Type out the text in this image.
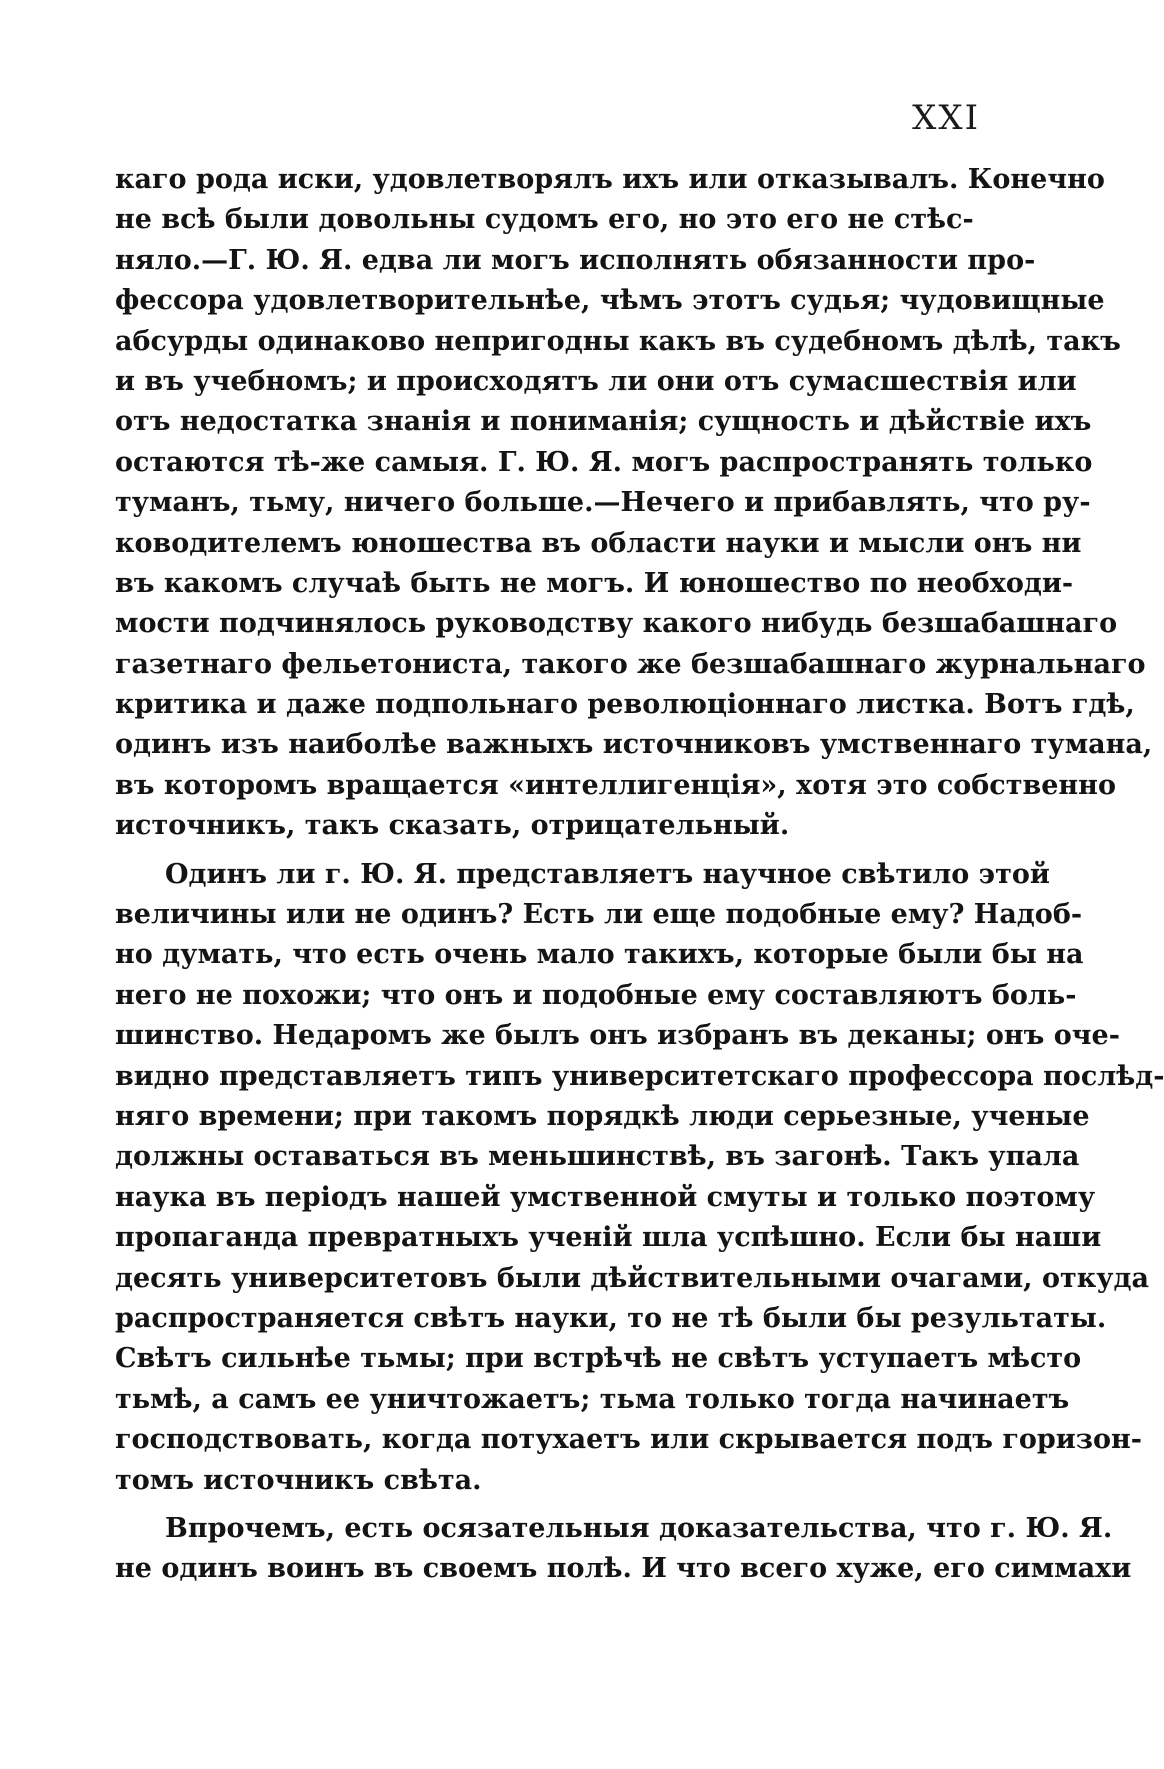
XXI
каго рода иски, удовлетворялъ ихъ или отказывалъ. Конечно
не всѣ были довольны судомъ его, но это его не стѣс-
няло.—Г. Ю. Я. едва ли могъ исполнять обязанности про-
фессора удовлетворительнѣе, чѣмъ этотъ судья; чудовищные
абсурды одинаково непригодны какъ въ судебномъ дѣлѣ, такъ
и въ учебномъ; и происходятъ ли они отъ сумасшествія или
отъ недостатка знанія и пониманія; сущность и дѣйствіе ихъ
остаются тѣ-же самыя. Г. Ю. Я. могъ распространять только
туманъ, тьму, ничего больше.—Нечего и прибавлять, что ру-
ководителемъ юношества въ области науки и мысли онъ ни
въ какомъ случаѣ быть не могъ. И юношество по необходи-
мости подчинялось руководству какого нибудь безшабашнаго
газетнаго фельетониста, такого же безшабашнаго журнальнаго
критика и даже подпольнаго революціоннаго листка. Вотъ гдѣ,
одинъ изъ наиболѣе важныхъ источниковъ умственнаго тумана,
въ которомъ вращается «интеллигенція», хотя это собственно
источникъ, такъ сказать, отрицательный.
Одинъ ли г. Ю. Я. представляетъ научное свѣтило этой
величины или не одинъ? Есть ли еще подобные ему? Надоб-
но думать, что есть очень мало такихъ, которые были бы на
него не похожи; что онъ и подобные ему составляютъ боль-
шинство. Недаромъ же былъ онъ избранъ въ деканы; онъ оче-
видно представляетъ типъ университетскаго профессора послѣд-
няго времени; при такомъ порядкѣ люди серьезные, ученые
должны оставаться въ меньшинствѣ, въ загонѣ. Такъ упала
наука въ періодъ нашей умственной смуты и только поэтому
пропаганда превратныхъ ученій шла успѣшно. Если бы наши
десять университетовъ были дѣйствительными очагами, откуда
распространяется свѣтъ науки, то не тѣ были бы результаты.
Свѣтъ сильнѣе тьмы; при встрѣчѣ не свѣтъ уступаетъ мѣсто
тьмѣ, а самъ ее уничтожаетъ; тьма только тогда начинаетъ
господствовать, когда потухаетъ или скрывается подъ горизон-
томъ источникъ свѣта.
Впрочемъ, есть осязательныя доказательства, что г. Ю. Я.
не одинъ воинъ въ своемъ полѣ. И что всего хуже, его симмахи
